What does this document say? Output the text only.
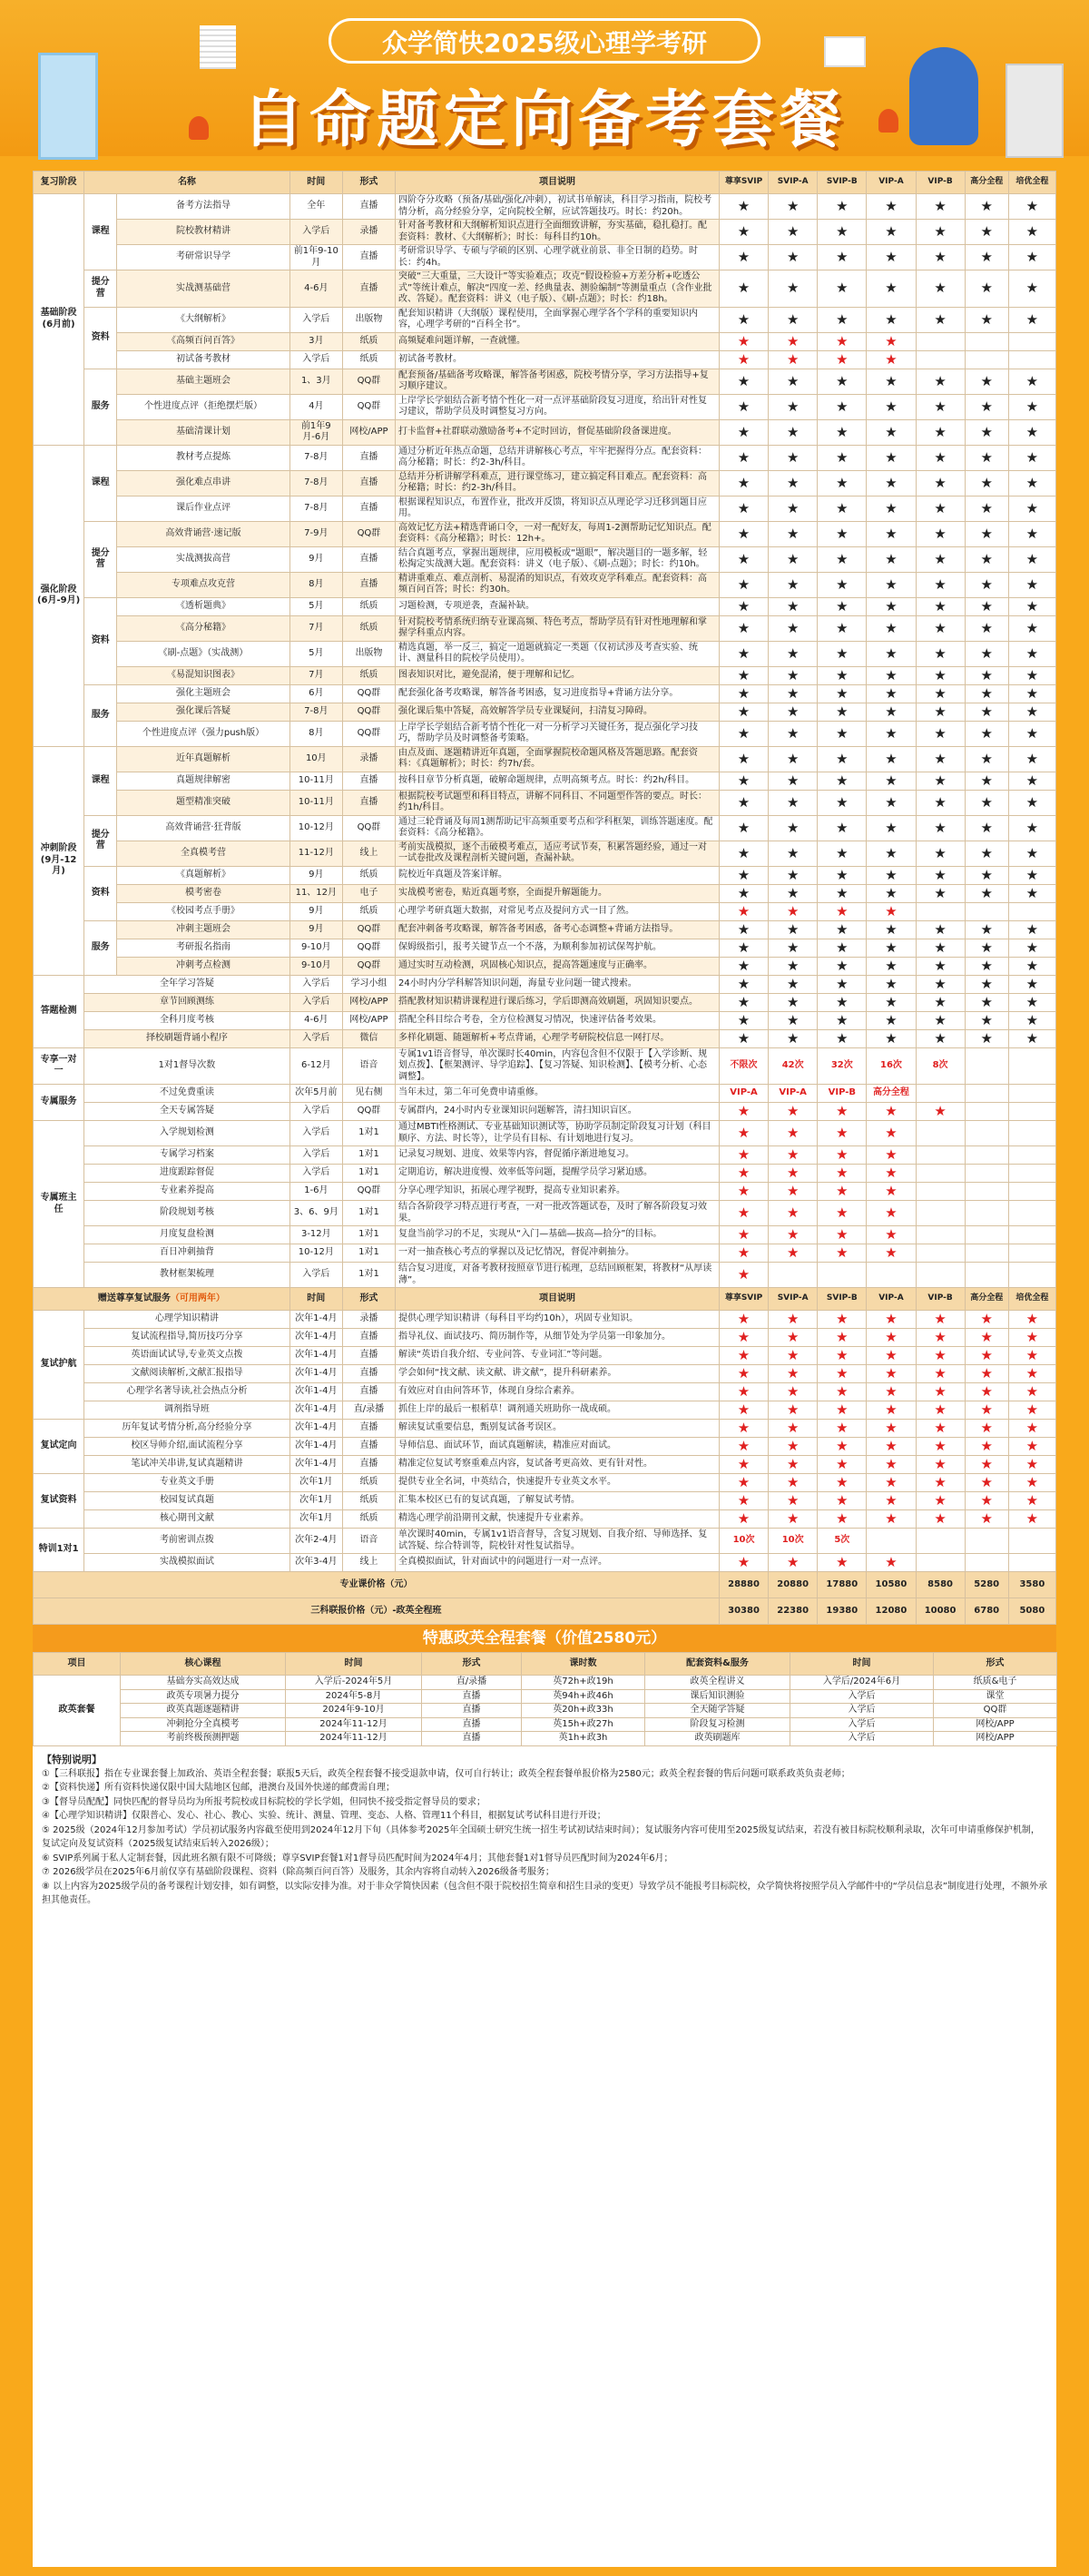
众学简快2025级心理学考研
自命题定向备考套餐
复习阶段	名称		时间	形式	项目说明	尊享SVIP	SVIP-A	SVIP-B	VIP-A	VIP-B	高分全程	培优全程
基础阶段(6月前)	课程	备考方法指导	全年	直播	四阶夺分攻略（预备/基础/强化/冲刺），初试书单解读，科目学习指南，院校考情分析，高分经验分享，定向院校全解，应试答题技巧。时长：约20h。	★	★	★	★	★	★	★
		院校教材精讲	入学后	录播	针对备考教材和大纲解析知识点进行全面细致讲解，夯实基础，稳扎稳打。配套资料：教材、《大纲解析》；时长：每科目约10h。	★	★	★	★	★	★	★
		考研常识导学	前1年9-10月	直播	考研常识导学、专硕与学硕的区别、心理学就业前景、非全日制的趋势。时长：约4h。	★	★	★	★	★	★	★
	提分营	实战测基础营	4-6月	直播	突破“三大重量，三大设计”等实验难点；攻克“假设检验+方差分析+吃透公式”等统计难点，解决“四度一差、经典量表、测验编制”等测量重点（含作业批改、答疑）。配套资料：讲义（电子版）、《刷-点题》；时长：约18h。	★	★	★	★	★	★	★
	资料	《大纲解析》	入学后	出版物	配套知识精讲（大纲版）课程使用，全面掌握心理学各个学科的重要知识内容，心理学考研的“百科全书”。	★	★	★	★	★	★	★
		《高频百问百答》	3月	纸质	高频疑难问题详解，一查就懂。	★	★	★	★			
		初试备考教材	入学后	纸质	初试备考教材。	★	★	★	★			
	服务	基础主题班会	1、3月	QQ群	配套预备/基础备考攻略课，解答备考困惑，院校考情分享，学习方法指导+复习顺序建议。	★	★	★	★	★	★	★
		个性进度点评（拒绝摆烂版）	4月	QQ群	上岸学长学姐结合新考情个性化一对一点评基础阶段复习进度，给出针对性复习建议，帮助学员及时调整复习方向。	★	★	★	★	★	★	★
		基础清课计划	前1年9月-6月	网校/APP	打卡监督+社群联动激励备考+不定时回访，督促基础阶段备课进度。	★	★	★	★	★	★	★
强化阶段(6月-9月)	课程	教材考点提炼	7-8月	直播	通过分析近年热点命题，总结并讲解核心考点，牢牢把握得分点。配套资料：高分秘籍；时长：约2-3h/科目。	★	★	★	★	★	★	★
		强化难点串讲	7-8月	直播	总结并分析讲解学科难点，进行课堂练习，建立搞定科目难点。配套资料：高分秘籍；时长：约2-3h/科目。	★	★	★	★	★	★	★
		课后作业点评	7-8月	直播	根据课程知识点，布置作业，批改并反馈，将知识点从理论学习迁移到题目应用。	★	★	★	★	★	★	★
	提分营	高效背诵营·速记版	7-9月	QQ群	高效记忆方法+精选背诵口令，一对一配好友，每周1-2测帮助记忆知识点。配套资料：《高分秘籍》；时长：12h+。	★	★	★	★	★	★	★
		实战测拔高营	9月	直播	结合真题考点，掌握出题规律，应用模板或“题眼”，解决题目的一题多解，轻松掏定实战测大题。配套资料：讲义（电子版）、《刷-点题》；时长：约10h。	★	★	★	★	★	★	★
		专项难点攻克营	8月	直播	精讲重难点、难点剖析、易混淆的知识点，有效攻克学科难点。配套资料：高频百问百答；时长：约30h。	★	★	★	★	★	★	★
	资料	《透析题典》	5月	纸质	习题检测，专项逆袭，查漏补缺。	★	★	★	★	★	★	★
		《高分秘籍》	7月	纸质	针对院校考情系统归纳专业课高频、特色考点，帮助学员有针对性地理解和掌握学科重点内容。	★	★	★	★	★	★	★
		《刷-点题》（实战测）	5月	出版物	精选真题，举一反三，搞定一道题就搞定一类题（仅初试涉及考查实验、统计、测量科目的院校学员使用）。	★	★	★	★	★	★	★
		《易混知识图表》	7月	纸质	图表知识对比，避免混淆，便于理解和记忆。	★	★	★	★	★	★	★
	服务	强化主题班会	6月	QQ群	配套强化备考攻略课，解答备考困惑，复习进度指导+背诵方法分享。	★	★	★	★	★	★	★
		强化课后答疑	7-8月	QQ群	强化课后集中答疑，高效解答学员专业课疑问，扫清复习障碍。	★	★	★	★	★	★	★
		个性进度点评（强力push版）	8月	QQ群	上岸学长学姐结合新考情个性化一对一分析学习关键任务，提点强化学习技巧，帮助学员及时调整备考策略。	★	★	★	★	★	★	★
冲刺阶段(9月-12月)	课程	近年真题解析	10月	录播	由点及面、逐题精讲近年真题，全面掌握院校命题风格及答题思路。配套资料：《真题解析》；时长：约7h/套。	★	★	★	★	★	★	★
		真题规律解密	10-11月	直播	按科目章节分析真题，破解命题规律，点明高频考点。时长：约2h/科目。	★	★	★	★	★	★	★
		题型精准突破	10-11月	直播	根据院校考试题型和科目特点，讲解不同科目、不同题型作答的要点。时长：约1h/科目。	★	★	★	★	★	★	★
	提分营	高效背诵营·狂背版	10-12月	QQ群	通过三轮背诵及每周1测帮助记牢高频重要考点和学科框架，训练答题速度。配套资料：《高分秘籍》。	★	★	★	★	★	★	★
		全真模考营	11-12月	线上	考前实战模拟，逐个击破模考难点，适应考试节奏，积累答题经验，通过一对一试卷批改及课程剖析关键问题，查漏补缺。	★	★	★	★	★	★	★
	资料	《真题解析》	9月	纸质	院校近年真题及答案详解。	★	★	★	★	★	★	★
		模考密卷	11、12月	电子	实战模考密卷，贴近真题考察，全面提升解题能力。	★	★	★	★	★	★	★
		《校园考点手册》	9月	纸质	心理学考研真题大数据，对常见考点及提问方式一目了然。	★	★	★	★			
	服务	冲刺主题班会	9月	QQ群	配套冲刺备考攻略课，解答备考困惑，备考心态调整+背诵方法指导。	★	★	★	★	★	★	★
		考研报名指南	9-10月	QQ群	保姆级指引，报考关键节点一个不落，为顺利参加初试保驾护航。	★	★	★	★	★	★	★
		冲刺考点检测	9-10月	QQ群	通过实时互动检测，巩固核心知识点，提高答题速度与正确率。	★	★	★	★	★	★	★
答题检测	全年学习答疑		入学后	学习小组	24小时内分学科解答知识问题，海量专业问题一键式搜索。	★	★	★	★	★	★	★
	章节回顾测练		入学后	网校/APP	搭配教材知识精讲课程进行课后练习，学后即测高效刷题，巩固知识要点。	★	★	★	★	★	★	★
	全科月度考核		4-6月	网校/APP	搭配全科目综合考卷，全方位检测复习情况，快速评估备考效果。	★	★	★	★	★	★	★
	择校刷题背诵小程序		入学后	微信	多样化刷题、随题解析+考点背诵，心理学考研院校信息一网打尽。	★	★	★	★	★	★	★
专享一对一	1对1督导次数		6-12月	语音	专属1v1语音督导，单次课时长40min，内容包含但不仅限于【入学诊断、规划点拨】、【框架测评、导学追踪】、【复习答疑、知识检测】、【模考分析、心态调整】。	不限次	42次	32次	16次	8次		
专属服务	不过免费重读		次年5月前	见右侧	当年未过，第二年可免费申请重修。	VIP-A	VIP-A	VIP-B	高分全程			
	全天专属答疑		入学后	QQ群	专属群内，24小时内专业课知识问题解答，清扫知识盲区。	★	★	★	★	★		
专属班主任	入学规划检测		入学后	1对1	通过MBTI性格测试、专业基础知识测试等，协助学员制定阶段复习计划（科目顺序、方法、时长等），让学员有目标、有计划地进行复习。	★	★	★	★			
	专属学习档案		入学后	1对1	记录复习规划、进度、效果等内容，督促循序渐进地复习。	★	★	★	★			
	进度跟踪督促		入学后	1对1	定期追访，解决进度慢、效率低等问题，提醒学员学习紧迫感。	★	★	★	★			
	专业素养提高		1-6月	QQ群	分享心理学知识，拓展心理学视野，提高专业知识素养。	★	★	★	★			
	阶段规划考核		3、6、9月	1对1	结合各阶段学习特点进行考查，一对一批改答题试卷，及时了解各阶段复习效果。	★	★	★	★			
	月度复盘检测		3-12月	1对1	复盘当前学习的不足，实现从“入门—基础—拔高—拾分”的目标。	★	★	★	★			
	百日冲刺抽背		10-12月	1对1	一对一抽查核心考点的掌握以及记忆情况，督促冲刺抽分。	★	★	★	★			
	教材框架梳理		入学后	1对1	结合复习进度，对备考教材按照章节进行梳理，总结回顾框架，将教材“从厚读薄”。	★						
赠送尊享复试服务（可用两年）			时间	形式	项目说明	尊享SVIP	SVIP-A	SVIP-B	VIP-A	VIP-B	高分全程	培优全程
复试护航	心理学知识精讲		次年1-4月	录播	提供心理学知识精讲（每科目平均约10h），巩固专业知识。	★	★	★	★	★	★	★
	复试流程指导,简历技巧分享		次年1-4月	直播	指导礼仪、面试技巧、简历制作等，从细节处为学员第一印象加分。	★	★	★	★	★	★	★
	英语面试试导,专业英文点拨		次年1-4月	直播	解读“英语自我介绍、专业问答、专业词汇”等问题。	★	★	★	★	★	★	★
	文献阅读解析,文献汇报指导		次年1-4月	直播	学会如何“找文献、读文献、讲文献”，提升科研素养。	★	★	★	★	★	★	★
	心理学名著导读,社会热点分析		次年1-4月	直播	有效应对自由问答环节，体现自身综合素养。	★	★	★	★	★	★	★
	调剂指导班		次年1-4月	直/录播	抓住上岸的最后一根稻草！调剂通关班助你一战成硕。	★	★	★	★	★	★	★
复试定向	历年复试考情分析,高分经验分享		次年1-4月	直播	解读复试重要信息，甄别复试备考误区。	★	★	★	★	★	★	★
	校区导师介绍,面试流程分享		次年1-4月	直播	导师信息、面试环节，面试真题解读，精准应对面试。	★	★	★	★	★	★	★
	笔试冲关串讲,复试真题精讲		次年1-4月	直播	精准定位复试考察重难点内容，复试备考更高效、更有针对性。	★	★	★	★	★	★	★
复试资料	专业英文手册		次年1月	纸质	提供专业全名词，中英结合，快速提升专业英文水平。	★	★	★	★	★	★	★
	校园复试真题		次年1月	纸质	汇集本校区已有的复试真题，了解复试考情。	★	★	★	★	★	★	★
	核心期刊文献		次年1月	纸质	精选心理学前沿期刊文献，快速提升专业素养。	★	★	★	★	★	★	★
特训1对1	考前密训点拨		次年2-4月	语音	单次课时40min，专属1v1语音督导，含复习规划、自我介绍、导师选择、复试答疑、综合特训等，院校针对性复试指导。	10次	10次	5次				
	实战模拟面试		次年3-4月	线上	全真模拟面试，针对面试中的问题进行一对一点评。	★	★	★	★			
专业课价格（元）						28880	20880	17880	10580	8580	5280	3580
三科联报价格（元）-政英全程班						30380	22380	19380	12080	10080	6780	5080
特惠政英全程套餐（价值2580元）
项目	核心课程	时间	形式	课时数	配套资料&服务	时间	形式
政英套餐	基础夯实高效达成	入学后-2024年5月	直/录播	英72h+政19h	政英全程讲义	入学后/2024年6月	纸质&电子
	政英专项暑力提分	2024年5-8月	直播	英94h+政46h	课后知识测验	入学后	课堂
	政英真题逐题精讲	2024年9-10月	直播	英20h+政33h	全天随学答疑	入学后	QQ群
	冲刺抢分全真模考	2024年11-12月	直播	英15h+政27h	阶段复习检测	入学后	网校/APP
	考前终极预测押题	2024年11-12月	直播	英1h+政3h	政英刷题库	入学后	网校/APP
【特别说明】
①【三科联报】指在专业课套餐上加政治、英语全程套餐；联报5天后，政英全程套餐不接受退款申请，仅可自行转让；政英全程套餐单报价格为2580元；政英全程套餐的售后问题可联系政英负责老师；
②【资料快递】所有资料快递仅限中国大陆地区包邮，港澳台及国外快递的邮费需自理；
③【督导员配配】同快匹配的督导员均为所报考院校或目标院校的学长学姐，但同快不接受指定督导员的要求；
④【心理学知识精讲】仅限普心、发心、社心、教心、实验、统计、测量、管理、变态、人格、管理11个科目，根据复试考试科目进行开设；
⑤ 2025级（2024年12月参加考试）学员初试服务内容截至使用到2024年12月下旬（具体参考2025年全国硕士研究生统一招生考试初试结束时间）；复试服务内容可使用至2025级复试结束，若没有被目标院校顺利录取，次年可申请重修保护机制，复试定向及复试资料（2025级复试结束后转入2026级）；
⑥ SVIP系列属于私人定制套餐，因此班名额有限不可降级；尊享SVIP套餐1对1督导员匹配时间为2024年4月；其他套餐1对1督导员匹配时间为2024年6月；
⑦ 2026级学员在2025年6月前仅享有基础阶段课程、资料（除高频百问百答）及服务，其余内容将自动转入2026级备考服务；
⑧ 以上内容为2025级学员的备考课程计划安排，如有调整，以实际安排为准。对于非众学简快因素（包含但不限于院校招生简章和招生目录的变更）导致学员不能报考目标院校，众学简快将按照学员入学邮件中的“学员信息表”制度进行处理，不额外承担其他责任。
